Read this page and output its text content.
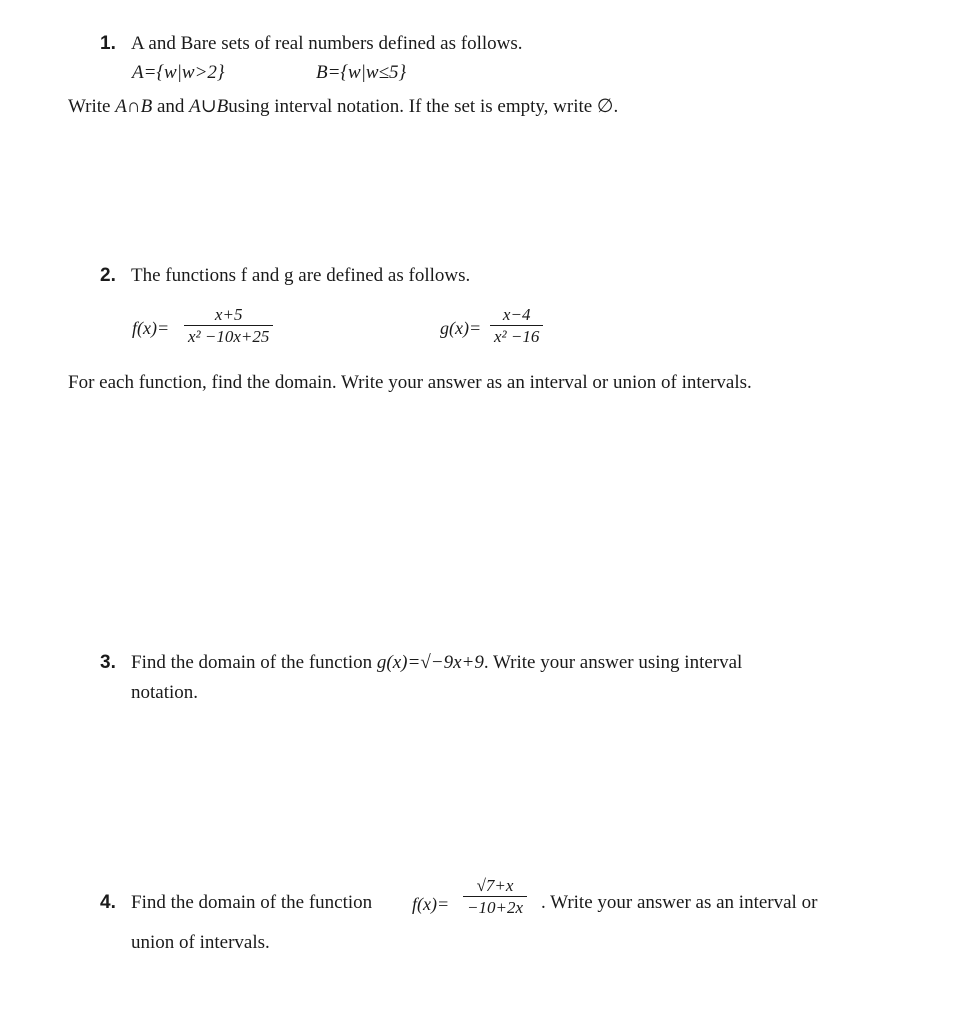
1. A and Bare sets of real numbers defined as follows.
A={w|w>2}	B={w|w≤5}
Write A∩B and A∪Busing interval notation. If the set is empty, write ∅.
2. The functions f and g are defined as follows.
f(x)=
x+5
x² −10x+25	g(x)=
x−4
x² −16
For each function, find the domain. Write your answer as an interval or union of intervals.
3. Find the domain of the function g(x)=√−9x+9. Write your answer using interval
notation.
4. Find the domain of the function f(x)=
√7+x
−10+2x . Write your answer as an interval or
union of intervals.
